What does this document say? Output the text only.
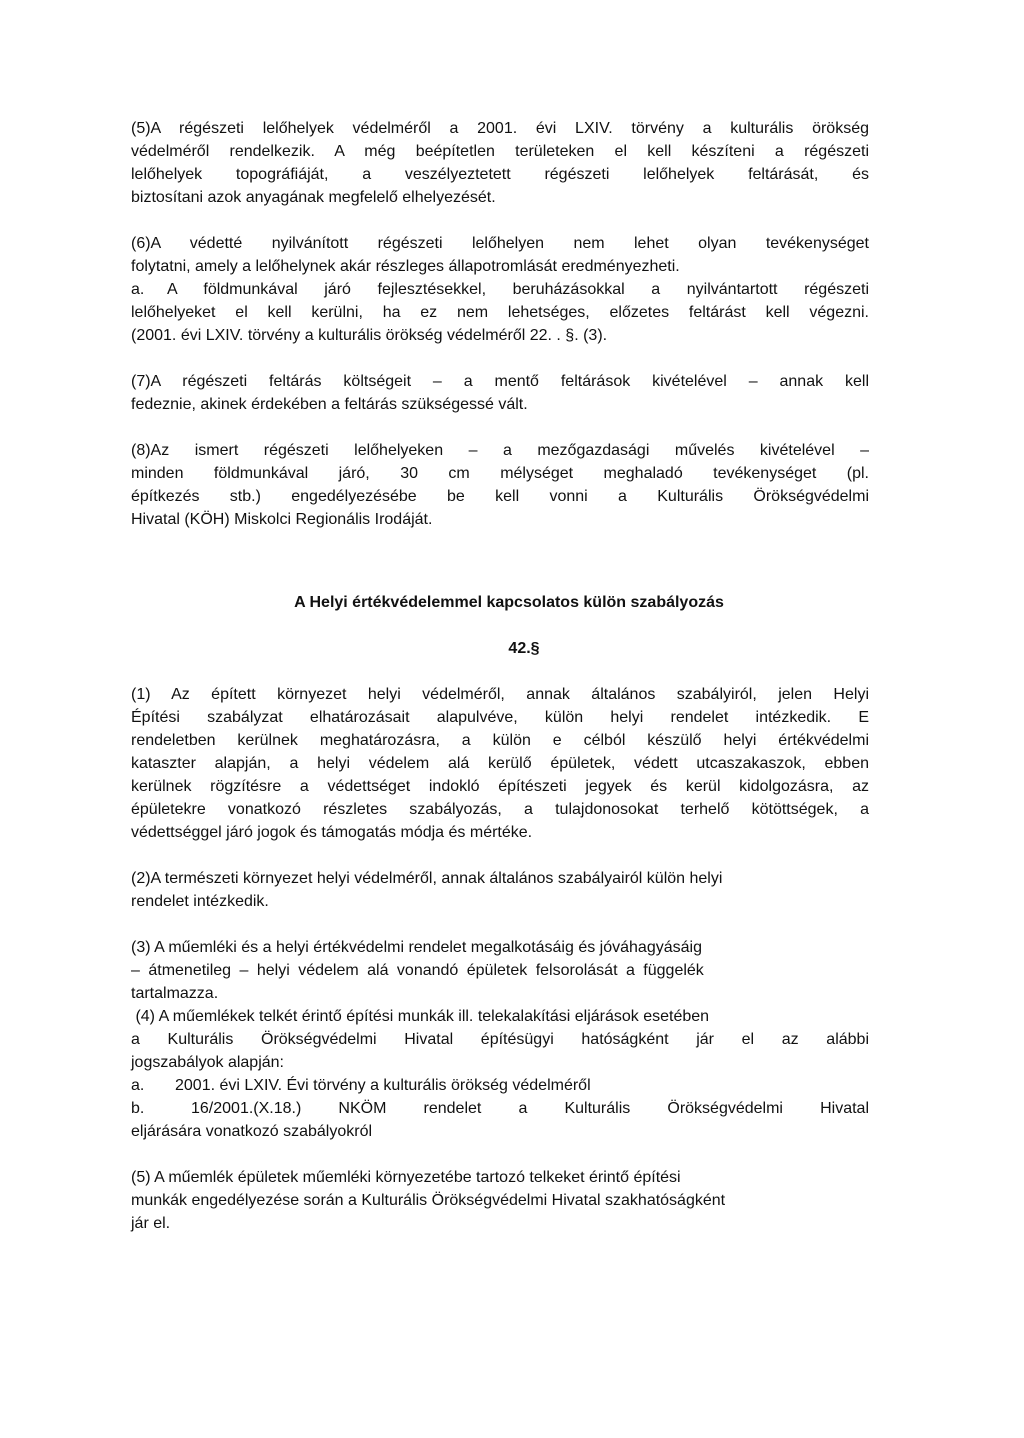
(5)A régészeti lelőhelyek védelméről a 2001. évi LXIV. törvény a kulturális örökség
védelméről rendelkezik. A még beépítetlen területeken el kell készíteni a régészeti
lelőhelyek topográfiáját, a veszélyeztetett régészeti lelőhelyek feltárását, és
biztosítani azok anyagának megfelelő elhelyezését.
(6)A védetté nyilvánított régészeti lelőhelyen nem lehet olyan tevékenységet
folytatni, amely a lelőhelynek akár részleges állapotromlását eredményezheti.
a. A földmunkával járó fejlesztésekkel, beruházásokkal a nyilvántartott régészeti
lelőhelyeket el kell kerülni, ha ez nem lehetséges, előzetes feltárást kell végezni.
(2001. évi LXIV. törvény a kulturális örökség védelméről 22. . §. (3).
(7)A régészeti feltárás költségeit – a mentő feltárások kivételével – annak kell
fedeznie, akinek érdekében a feltárás szükségessé vált.
(8)Az ismert régészeti lelőhelyeken – a mezőgazdasági művelés kivételével –
minden földmunkával járó, 30 cm mélységet meghaladó tevékenységet (pl.
építkezés stb.) engedélyezésébe be kell vonni a Kulturális Örökségvédelmi
Hivatal (KÖH) Miskolci Regionális Irodáját.
A Helyi értékvédelemmel kapcsolatos külön szabályozás
42.§
(1) Az épített környezet helyi védelméről, annak általános szabályiról, jelen Helyi
Építési szabályzat elhatározásait alapulvéve, külön helyi rendelet intézkedik. E
rendeletben kerülnek meghatározásra, a külön e célból készülő helyi értékvédelmi
kataszter alapján, a helyi védelem alá kerülő épületek, védett utcaszakaszok, ebben
kerülnek rögzítésre a védettséget indokló építészeti jegyek és kerül kidolgozásra, az
épületekre vonatkozó részletes szabályozás, a tulajdonosokat terhelő kötöttségek, a
védettséggel járó jogok és támogatás módja és mértéke.
(2)A természeti környezet helyi védelméről, annak általános szabályairól külön helyi
rendelet intézkedik.
(3) A műemléki és a helyi értékvédelmi rendelet megalkotásáig és jóváhagyásáig
– átmenetileg – helyi védelem alá vonandó épületek felsorolását a függelék
tartalmazza.
(4) A műemlékek telkét érintő építési munkák ill. telekalakítási eljárások esetében
a Kulturális Örökségvédelmi Hivatal építésügyi hatóságként jár el az alábbi
jogszabályok alapján:
a. 2001. évi LXIV. Évi törvény a kulturális örökség védelméről
b.	16/2001.(X.18.) NKÖM rendelet a Kulturális Örökségvédelmi Hivatal
eljárására vonatkozó szabályokról
(5) A műemlék épületek műemléki környezetébe tartozó telkeket érintő építési
munkák engedélyezése során a Kulturális Örökségvédelmi Hivatal szakhatóságként
jár el.
